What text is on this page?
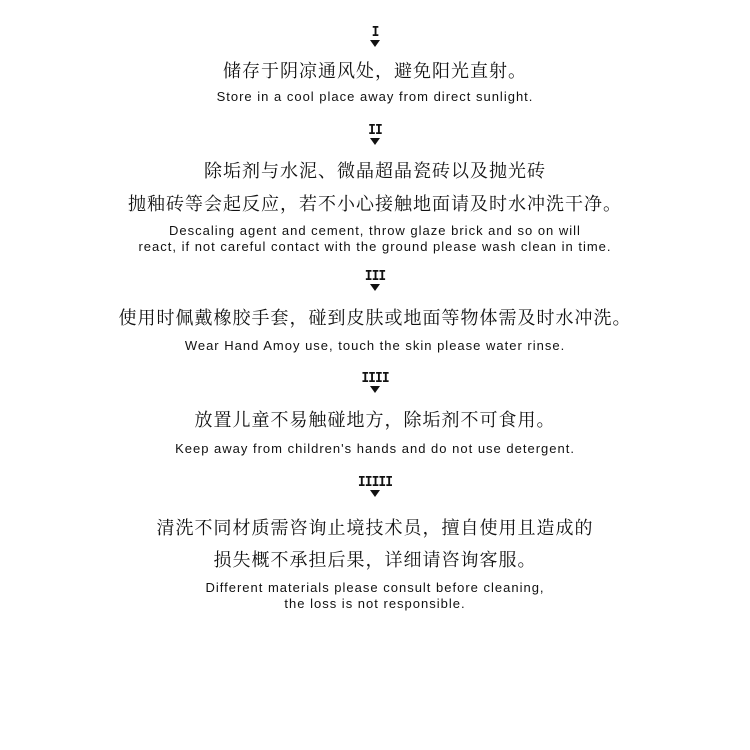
I
储存于阴凉通风处，避免阳光直射。
Store in a cool place away from direct sunlight.
II
除垢剂与水泥、微晶超晶瓷砖以及抛光砖
抛釉砖等会起反应，若不小心接触地面请及时水冲洗干净。
Descaling agent and cement, throw glaze brick and so on will
react, if not careful contact with the ground please wash clean in time.
III
使用时佩戴橡胶手套，碰到皮肤或地面等物体需及时水冲洗。
Wear Hand Amoy use, touch the skin please water rinse.
IIII
放置儿童不易触碰地方，除垢剂不可食用。
Keep away from children's hands and do not use detergent.
IIIII
清洗不同材质需咨询止境技术员，擅自使用且造成的
损失概不承担后果，详细请咨询客服。
Different materials please consult before cleaning,
the loss is not responsible.
